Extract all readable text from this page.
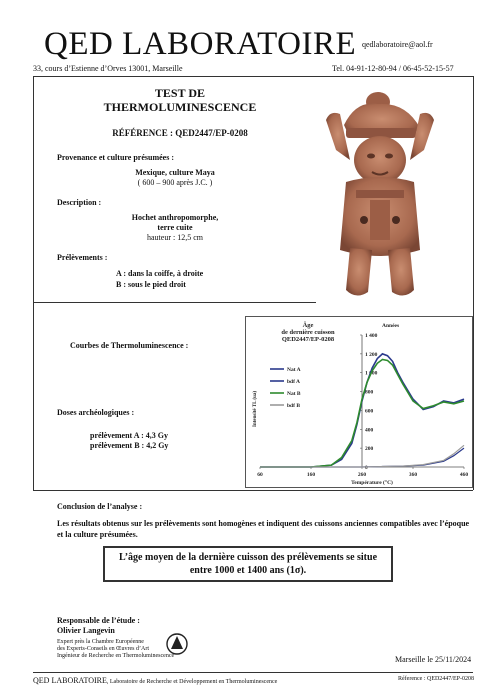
QED LABORATOIRE qedlaboratoire@aol.fr
33, cours d’Estienne d’Orves 13001, Marseille	Tel. 04-91-12-80-94 / 06-45-52-15-57
TEST DE
THERMOLUMINESCENCE
RÉFÉRENCE : QED2447/EP-0208
Provenance et culture présumées :
Mexique, culture Maya
( 600 – 900 après J.C. )
Description :
Hochet anthropomorphe,
terre cuite
hauteur : 12,5 cm
Prélèvements :
A : dans la coiffe, à droite
B : sous le pied droit
Courbes de Thermoluminescence :
Doses archéologiques :
prélèvement A : 4,3 Gy
prélèvement B : 4,2 Gy
0
200
400
600
800
1 000
1 200
1 400
60	160	260	360	460
Nat A
bdf A
Nat B
bdf B
Âge
de dernière cuisson
QED2447/EP-0208
Années
Température (°C)
Intensité TL (ua)
Conclusion de l’analyse :
Les résultats obtenus sur les prélèvements sont homogènes et indiquent des cuissons anciennes compatibles avec l’époque et la culture présumées.
L’âge moyen de la dernière cuisson des prélèvements se situe
entre 1000 et 1400 ans (1σ).
Responsable de l’étude :
Olivier Langevin
Expert près la Chambre Européenne
des Experts-Conseils en Œuvres d’Art
Ingénieur de Recherche en Thermoluminescence	Marseille le 25/11/2024
QED LABORATOIRE, Laboratoire de Recherche et Développement en Thermoluminescence	Réference : QED2447/EP-0208
